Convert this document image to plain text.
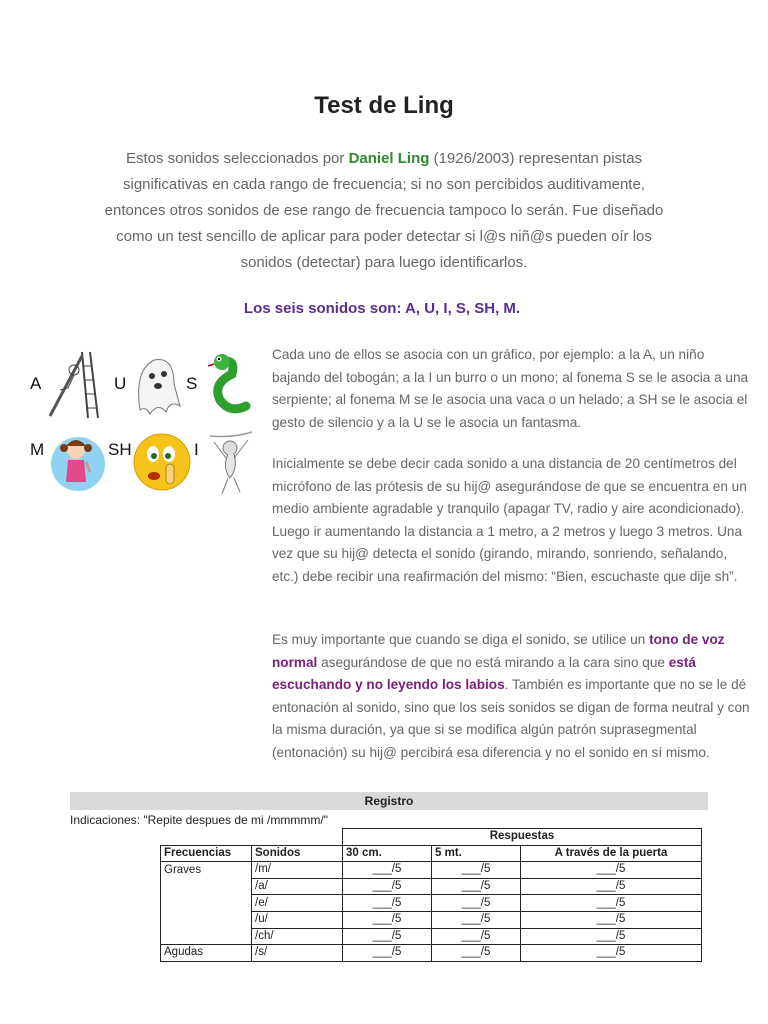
Test de Ling
Estos sonidos seleccionados por Daniel Ling (1926/2003) representan pistas significativas en cada rango de frecuencia; si no son percibidos auditivamente, entonces otros sonidos de ese rango de frecuencia tampoco lo serán. Fue diseñado como un test sencillo de aplicar para poder detectar si l@s niñ@s pueden oír los sonidos (detectar) para luego identificarlos.
Los seis sonidos son: A, U, I, S, SH, M.
A	U	S
M	SH	I
Cada uno de ellos se asocia con un gráfico, por ejemplo: a la A, un niño bajando del tobogán; a la I un burro o un mono; al fonema S se le asocia a una serpiente; al fonema M se le asocia una vaca o un helado; a SH se le asocia el gesto de silencio y a la U se le asocia un fantasma.
Inicialmente se debe decir cada sonido a una distancia de 20 centímetros del micrófono de las prótesis de su hij@ asegurándose de que se encuentra en un medio ambiente agradable y tranquilo (apagar TV, radio y aire acondicionado). Luego ir aumentando la distancia a 1 metro, a 2 metros y luego 3 metros. Una vez que su hij@ detecta el sonido (girando, mirando, sonriendo, señalando, etc.) debe recibir una reafirmación del mismo: “Bien, escuchaste que dije sh”.
Es muy importante que cuando se diga el sonido, se utilice un tono de voz normal asegurándose de que no está mirando a la cara sino que está escuchando y no leyendo los labios. También es importante que no se le dé entonación al sonido, sino que los seis sonidos se digan de forma neutral y con la misma duración, ya que si se modifica algún patrón suprasegmental (entonación) su hij@ percibirá esa diferencia y no el sonido en sí mismo.
Registro
Indicaciones: "Repite despues de mi /mmmmm/"
		Respuestas		
Frecuencias	Sonidos	30 cm.	5 mt.	A través de la puerta
Graves	/m/	___/5	___/5	___/5
	/a/	___/5	___/5	___/5
	/e/	___/5	___/5	___/5
	/u/	___/5	___/5	___/5
	/ch/	___/5	___/5	___/5
Agudas	/s/	___/5	___/5	___/5
